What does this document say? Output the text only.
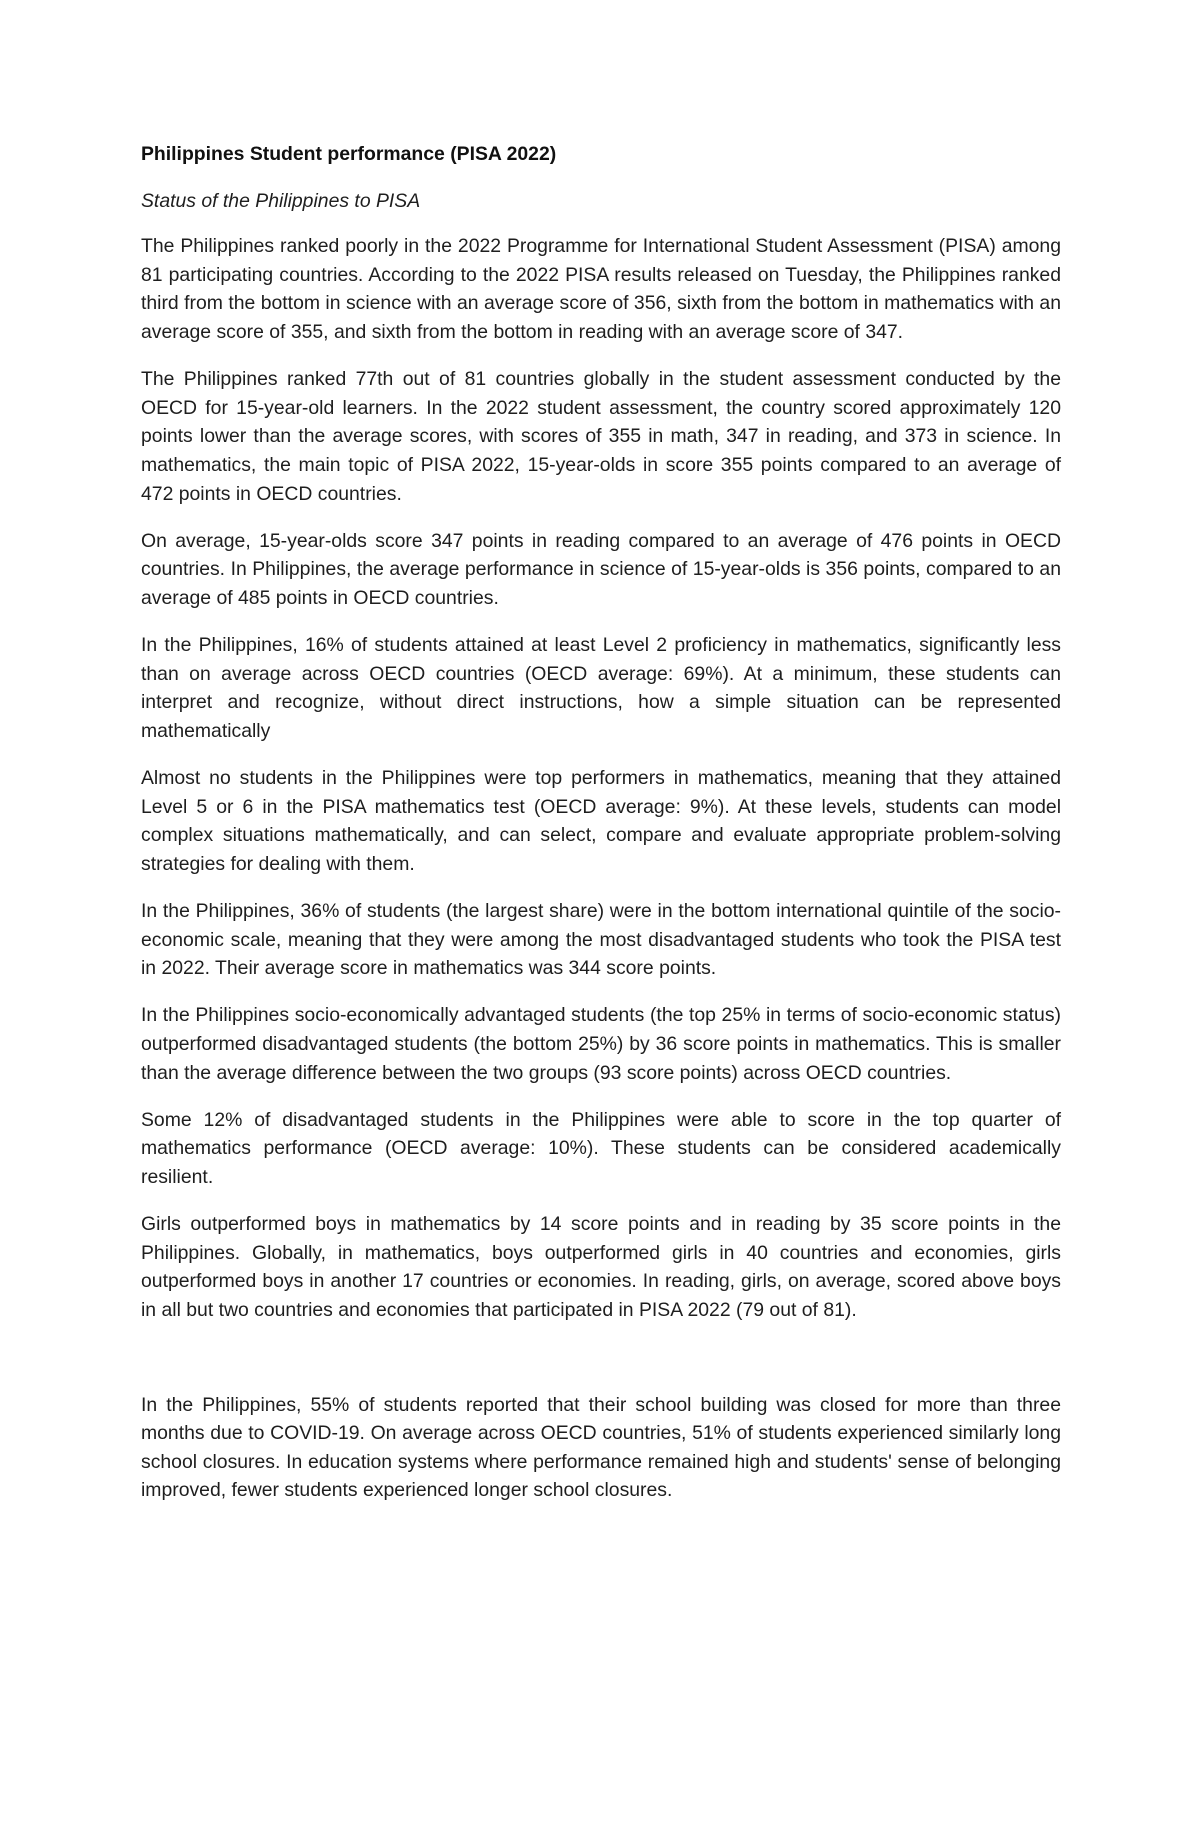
Philippines Student performance (PISA 2022)
Status of the Philippines to PISA

The Philippines ranked poorly in the 2022 Programme for International Student Assessment (PISA) among 81 participating countries. According to the 2022 PISA results released on Tuesday, the Philippines ranked third from the bottom in science with an average score of 356, sixth from the bottom in mathematics with an average score of 355, and sixth from the bottom in reading with an average score of 347.

The Philippines ranked 77th out of 81 countries globally in the student assessment conducted by the OECD for 15-year-old learners. In the 2022 student assessment, the country scored approximately 120 points lower than the average scores, with scores of 355 in math, 347 in reading, and 373 in science. In mathematics, the main topic of PISA 2022, 15-year-olds in score 355 points compared to an average of 472 points in OECD countries.

On average, 15-year-olds score 347 points in reading compared to an average of 476 points in OECD countries. In Philippines, the average performance in science of 15-year-olds is 356 points, compared to an average of 485 points in OECD countries.

In the Philippines, 16% of students attained at least Level 2 proficiency in mathematics, significantly less than on average across OECD countries (OECD average: 69%). At a minimum, these students can interpret and recognize, without direct instructions, how a simple situation can be represented mathematically

Almost no students in the Philippines were top performers in mathematics, meaning that they attained Level 5 or 6 in the PISA mathematics test (OECD average: 9%). At these levels, students can model complex situations mathematically, and can select, compare and evaluate appropriate problem-solving strategies for dealing with them.

In the Philippines, 36% of students (the largest share) were in the bottom international quintile of the socio-economic scale, meaning that they were among the most disadvantaged students who took the PISA test in 2022. Their average score in mathematics was 344 score points.

In the Philippines socio-economically advantaged students (the top 25% in terms of socio-economic status) outperformed disadvantaged students (the bottom 25%) by 36 score points in mathematics. This is smaller than the average difference between the two groups (93 score points) across OECD countries.

Some 12% of disadvantaged students in the Philippines were able to score in the top quarter of mathematics performance (OECD average: 10%). These students can be considered academically resilient.

Girls outperformed boys in mathematics by 14 score points and in reading by 35 score points in the Philippines. Globally, in mathematics, boys outperformed girls in 40 countries and economies, girls outperformed boys in another 17 countries or economies. In reading, girls, on average, scored above boys in all but two countries and economies that participated in PISA 2022 (79 out of 81).

In the Philippines, 55% of students reported that their school building was closed for more than three months due to COVID-19. On average across OECD countries, 51% of students experienced similarly long school closures. In education systems where performance remained high and students' sense of belonging improved, fewer students experienced longer school closures.
